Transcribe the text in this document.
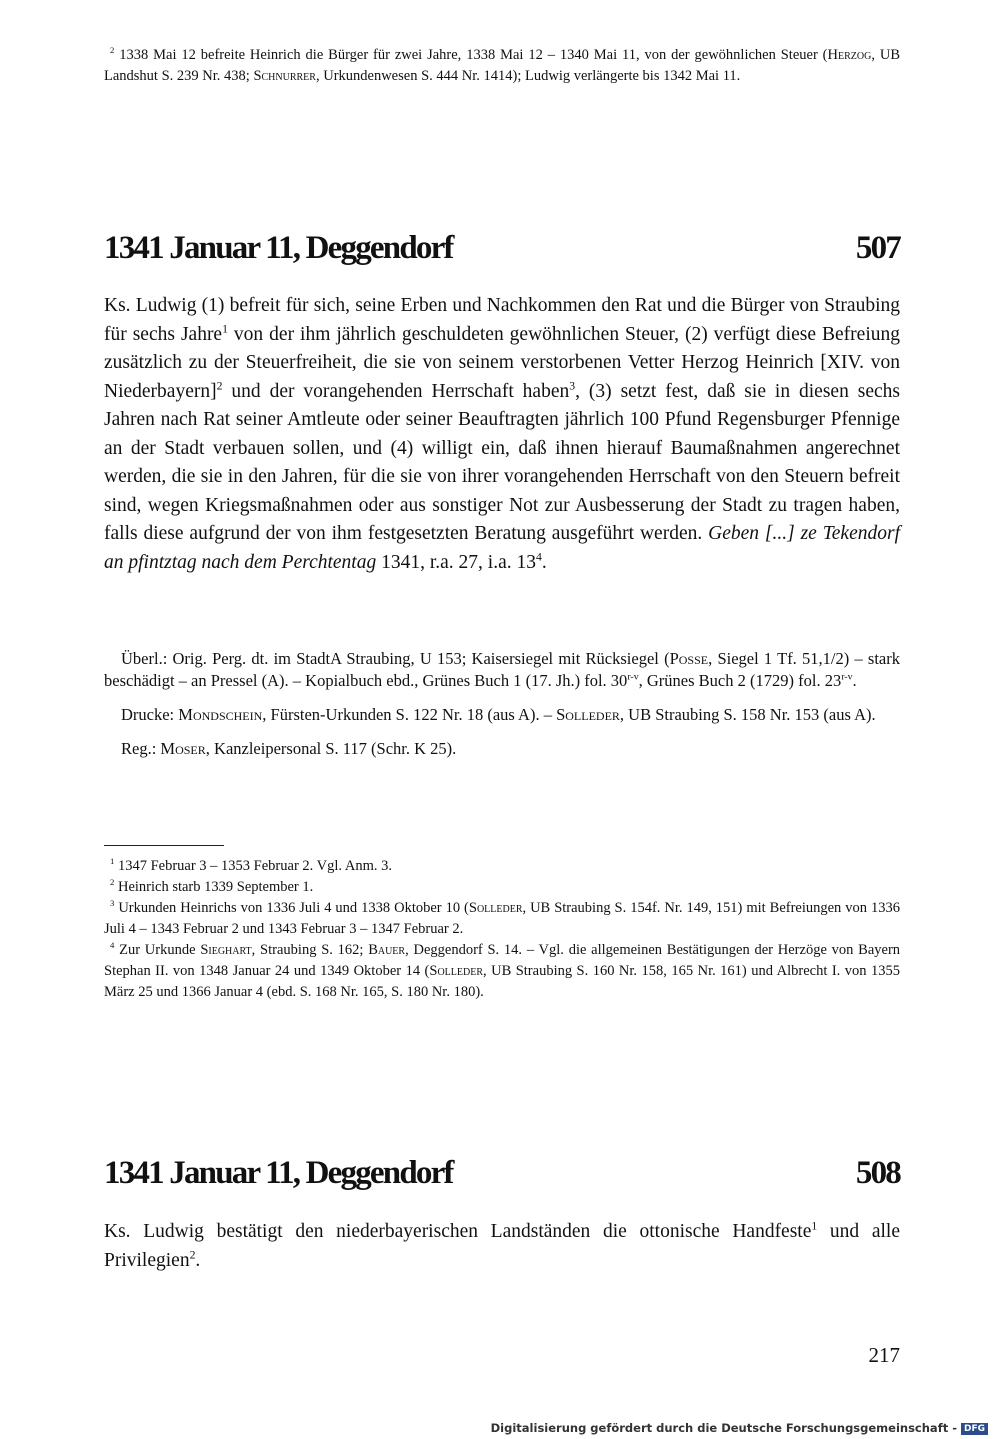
$^2$ 1338 Mai 12 befreite Heinrich die Bürger für zwei Jahre, 1338 Mai 12 – 1340 Mai 11, von der gewöhnlichen Steuer (Herzog, UB Landshut S. 239 Nr. 438; Schnurrer, Urkundenwesen S. 444 Nr. 1414); Ludwig verlängerte bis 1342 Mai 11.

1341 Januar 11, Deggendorf	507

Ks. Ludwig (1) befreit für sich, seine Erben und Nachkommen den Rat und die Bürger von Straubing für sechs Jahre$^1$ von der ihm jährlich geschuldeten gewöhnlichen Steuer, (2) verfügt diese Befreiung zusätzlich zu der Steuerfreiheit, die sie von seinem verstorbenen Vetter Herzog Heinrich [XIV. von Niederbayern]$^2$ und der vorangehenden Herrschaft haben$^3$, (3) setzt fest, daß sie in diesen sechs Jahren nach Rat seiner Amtleute oder seiner Beauftragten jährlich 100 Pfund Regensburger Pfennige an der Stadt verbauen sollen, und (4) willigt ein, daß ihnen hierauf Baumaßnahmen angerechnet werden, die sie in den Jahren, für die sie von ihrer vorangehenden Herrschaft von den Steuern befreit sind, wegen Kriegsmaßnahmen oder aus sonstiger Not zur Ausbesserung der Stadt zu tragen haben, falls diese aufgrund der von ihm festgesetzten Beratung ausgeführt werden. Geben [...] ze Tekendorf an pfintztag nach dem Perchtentag 1341, r.a. 27, i.a. $13^4$.

Überl.: Orig. Perg. dt. im StadtA Straubing, U 153; Kaisersiegel mit Rücksiegel (Posse, Siegel 1 Tf. 51,1/2) – stark beschädigt – an Pressel (A). – Kopialbuch ebd., Grünes Buch 1 (17. Jh.) fol. 30$^{r-v}$, Grünes Buch 2 (1729) fol. 23$^{r-v}$.

Drucke: Mondschein, Fürsten-Urkunden S. 122 Nr. 18 (aus A). – Solleder, UB Straubing S. 158 Nr. 153 (aus A).

Reg.: Moser, Kanzleipersonal S. 117 (Schr. K 25).

$^1$ 1347 Februar 3 – 1353 Februar 2. Vgl. Anm. 3.

$^2$ Heinrich starb 1339 September 1.

$^3$ Urkunden Heinrichs von 1336 Juli 4 und 1338 Oktober 10 (Solleder, UB Straubing S. 154f. Nr. 149, 151) mit Befreiungen von 1336 Juli 4 – 1343 Februar 2 und 1343 Februar 3 – 1347 Februar 2.

$^4$ Zur Urkunde Sieghart, Straubing S. 162; Bauer, Deggendorf S. 14. – Vgl. die allgemeinen Bestätigungen der Herzöge von Bayern Stephan II. von 1348 Januar 24 und 1349 Oktober 14 (Solleder, UB Straubing S. 160 Nr. 158, 165 Nr. 161) und Albrecht I. von 1355 März 25 und 1366 Januar 4 (ebd. S. 168 Nr. 165, S. 180 Nr. 180).

1341 Januar 11, Deggendorf	508

Ks. Ludwig bestätigt den niederbayerischen Landständen die ottonische Handfeste$^1$ und alle Privilegien$^2$.

217
Digitalisierung gefördert durch die Deutsche Forschungsgemeinschaft - DFG
